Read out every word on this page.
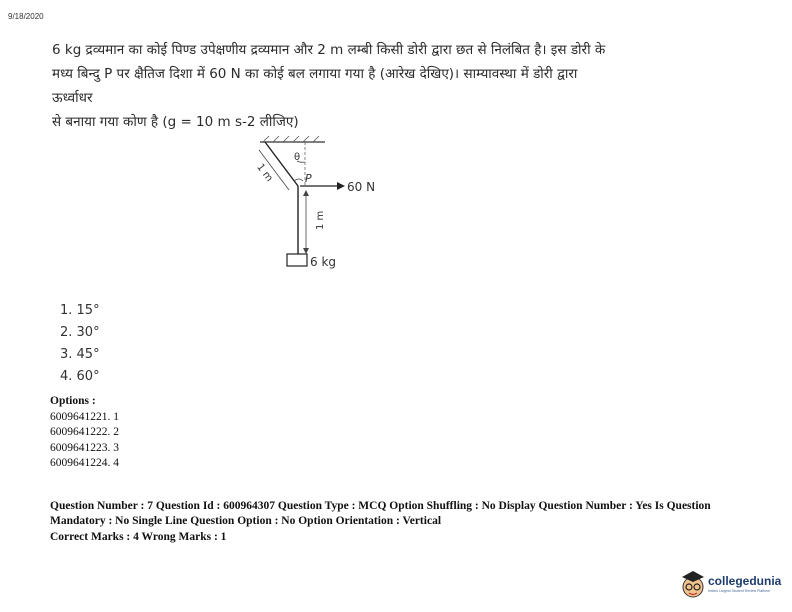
9/18/2020
6 kg द्रव्यमान का कोई पिण्ड उपेक्षणीय द्रव्यमान और 2 m लम्बी किसी डोरी द्वारा छत से निलंबित है। इस डोरी के
मध्य बिन्दु P पर क्षैतिज दिशा में 60 N का कोई बल लगाया गया है (आरेख देखिए)। साम्यावस्था में डोरी द्वारा ऊर्ध्वाधर
से बनाया गया कोण है (g = 10 m s-2 लीजिए)
θ
P
60 N
1 m
1 m
6 kg
1. 15°
2. 30°
3. 45°
4. 60°
Options :
6009641221. 1
6009641222. 2
6009641223. 3
6009641224. 4
Question Number : 7 Question Id : 600964307 Question Type : MCQ Option Shuffling : No Display Question Number : Yes Is Question
Mandatory : No Single Line Question Option : No Option Orientation : Vertical
Correct Marks : 4 Wrong Marks : 1
collegedunia
India's Largest Student Review Platform
